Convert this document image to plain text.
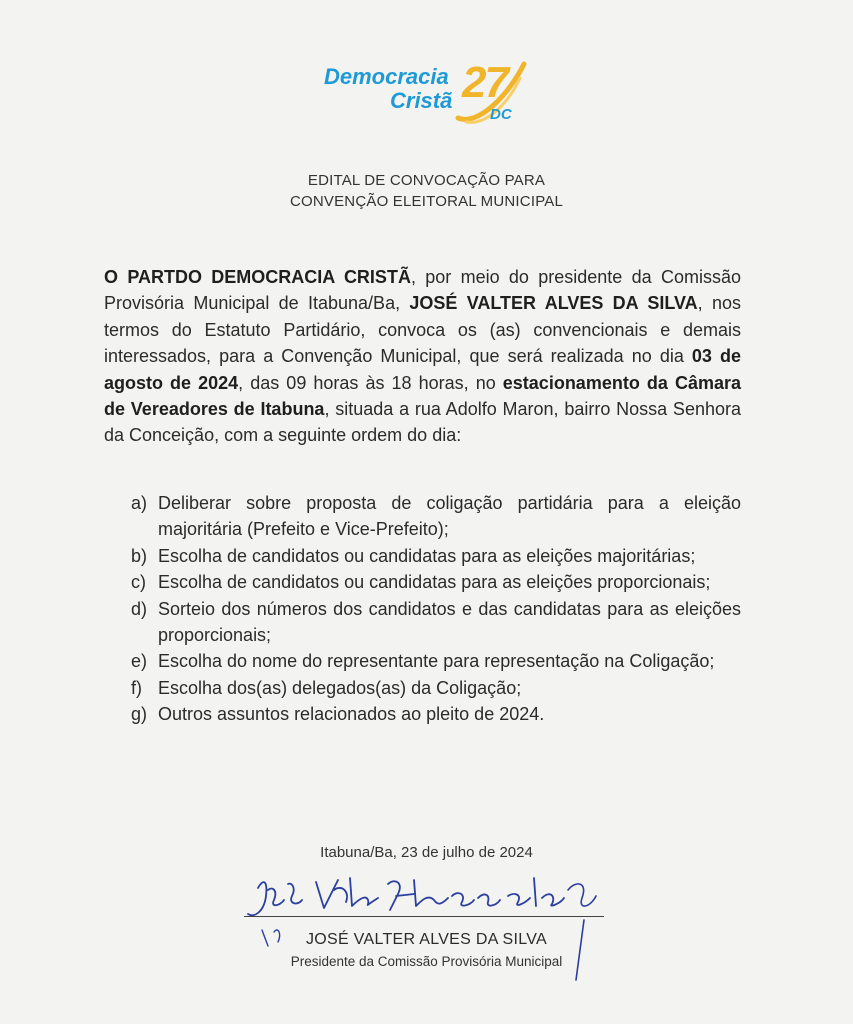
Democracia
Cristã 27
DC
EDITAL DE CONVOCAÇÃO PARA
CONVENÇÃO ELEITORAL MUNICIPAL
O PARTDO DEMOCRACIA CRISTÃ, por meio do presidente da Comissão Provisória Municipal de Itabuna/Ba, JOSÉ VALTER ALVES DA SILVA, nos termos do Estatuto Partidário, convoca os (as) convencionais e demais interessados, para a Convenção Municipal, que será realizada no dia 03 de agosto de 2024, das 09 horas às 18 horas, no estacionamento da Câmara de Vereadores de Itabuna, situada a rua Adolfo Maron, bairro Nossa Senhora da Conceição, com a seguinte ordem do dia:
a) Deliberar sobre proposta de coligação partidária para a eleição majoritária (Prefeito e Vice-Prefeito);
b) Escolha de candidatos ou candidatas para as eleições majoritárias;
c) Escolha de candidatos ou candidatas para as eleições proporcionais;
d) Sorteio dos números dos candidatos e das candidatas para as eleições proporcionais;
e) Escolha do nome do representante para representação na Coligação;
f) Escolha dos(as) delegados(as) da Coligação;
g) Outros assuntos relacionados ao pleito de 2024.
Itabuna/Ba, 23 de julho de 2024
JOSÉ VALTER ALVES DA SILVA
Presidente da Comissão Provisória Municipal
